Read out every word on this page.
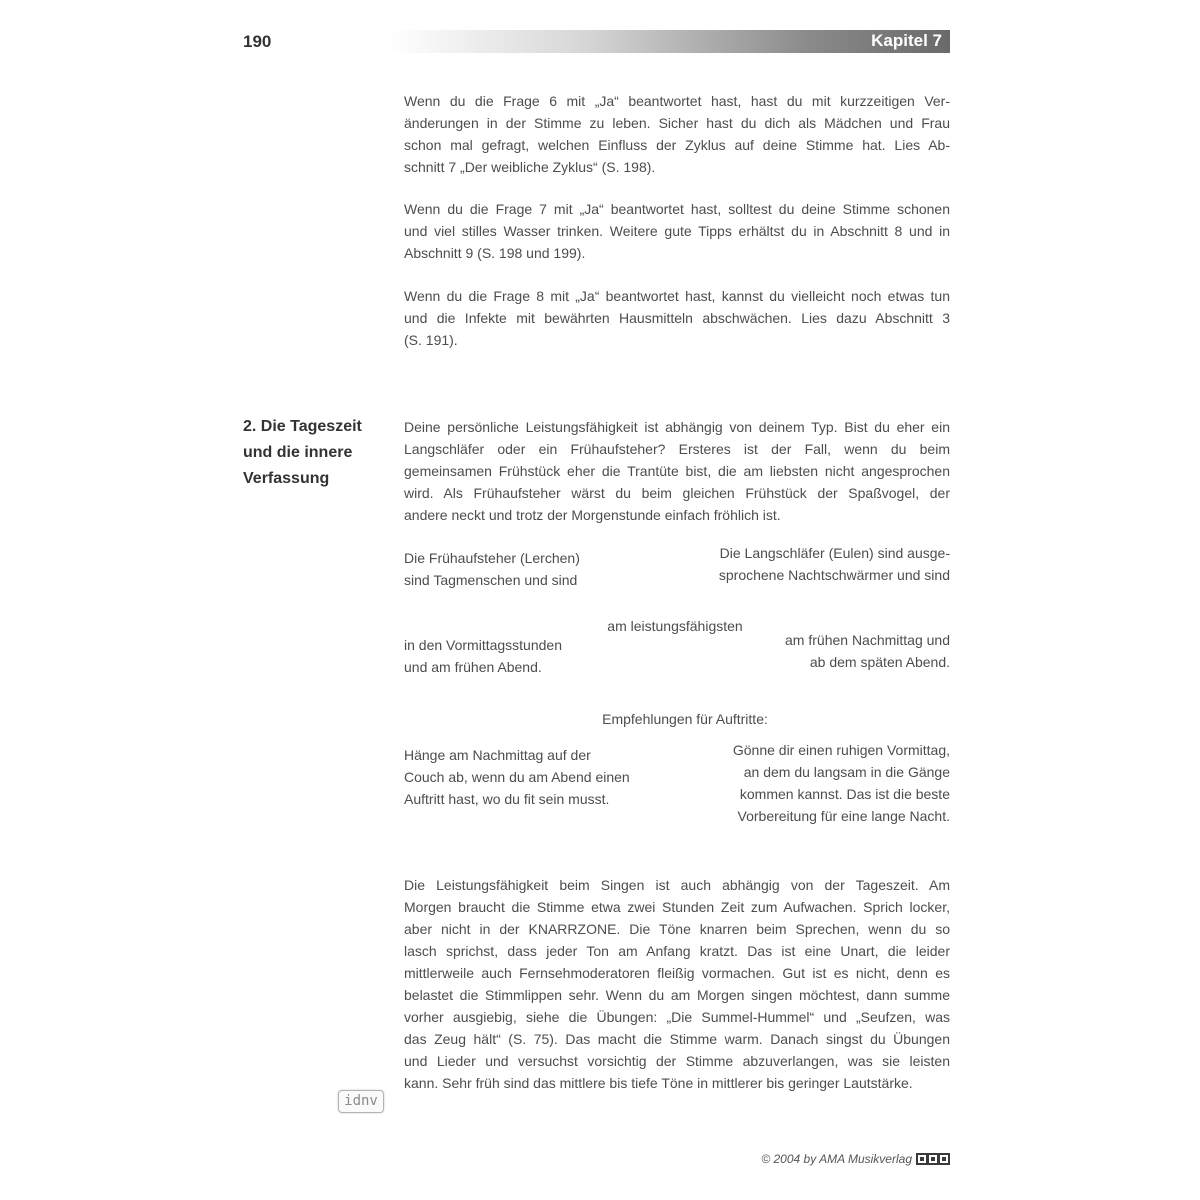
190	Kapitel 7

Wenn du die Frage 6 mit „Ja“ beantwortet hast, hast du mit kurzzeitigen Ver-
änderungen in der Stimme zu leben. Sicher hast du dich als Mädchen und Frau
schon mal gefragt, welchen Einfluss der Zyklus auf deine Stimme hat. Lies Ab-
schnitt 7 „Der weibliche Zyklus“ (S. 198).

Wenn du die Frage 7 mit „Ja“ beantwortet hast, solltest du deine Stimme schonen
und viel stilles Wasser trinken. Weitere gute Tipps erhältst du in Abschnitt 8 und in
Abschnitt 9 (S. 198 und 199).

Wenn du die Frage 8 mit „Ja“ beantwortet hast, kannst du vielleicht noch etwas tun
und die Infekte mit bewährten Hausmitteln abschwächen. Lies dazu Abschnitt 3
(S. 191).

2. Die Tageszeit
und die innere
Verfassung

Deine persönliche Leistungsfähigkeit ist abhängig von deinem Typ. Bist du eher ein
Langschläfer oder ein Frühaufsteher? Ersteres ist der Fall, wenn du beim
gemeinsamen Frühstück eher die Trantüte bist, die am liebsten nicht angesprochen
wird. Als Frühaufsteher wärst du beim gleichen Frühstück der Spaßvogel, der
andere neckt und trotz der Morgenstunde einfach fröhlich ist.

Die Frühaufsteher (Lerchen)
sind Tagmenschen und sind
Die Langschläfer (Eulen) sind ausge-
sprochene Nachtschwärmer und sind
am leistungsfähigsten
in den Vormittagsstunden
und am frühen Abend.
am frühen Nachmittag und
ab dem späten Abend.
Empfehlungen für Auftritte:
Hänge am Nachmittag auf der
Couch ab, wenn du am Abend einen
Auftritt hast, wo du fit sein musst.
Gönne dir einen ruhigen Vormittag,
an dem du langsam in die Gänge
kommen kannst. Das ist die beste
Vorbereitung für eine lange Nacht.

Die Leistungsfähigkeit beim Singen ist auch abhängig von der Tageszeit. Am
Morgen braucht die Stimme etwa zwei Stunden Zeit zum Aufwachen. Sprich locker,
aber nicht in der KNARRZONE. Die Töne knarren beim Sprechen, wenn du so
lasch sprichst, dass jeder Ton am Anfang kratzt. Das ist eine Unart, die leider
mittlerweile auch Fernsehmoderatoren fleißig vormachen. Gut ist es nicht, denn es
belastet die Stimmlippen sehr. Wenn du am Morgen singen möchtest, dann summe
vorher ausgiebig, siehe die Übungen: „Die Summel-Hummel“ und „Seufzen, was
das Zeug hält“ (S. 75). Das macht die Stimme warm. Danach singst du Übungen
und Lieder und versuchst vorsichtig der Stimme abzuverlangen, was sie leisten
kann. Sehr früh sind das mittlere bis tiefe Töne in mittlerer bis geringer Lautstärke.

idnv
© 2004 by AMA Musikverlag
